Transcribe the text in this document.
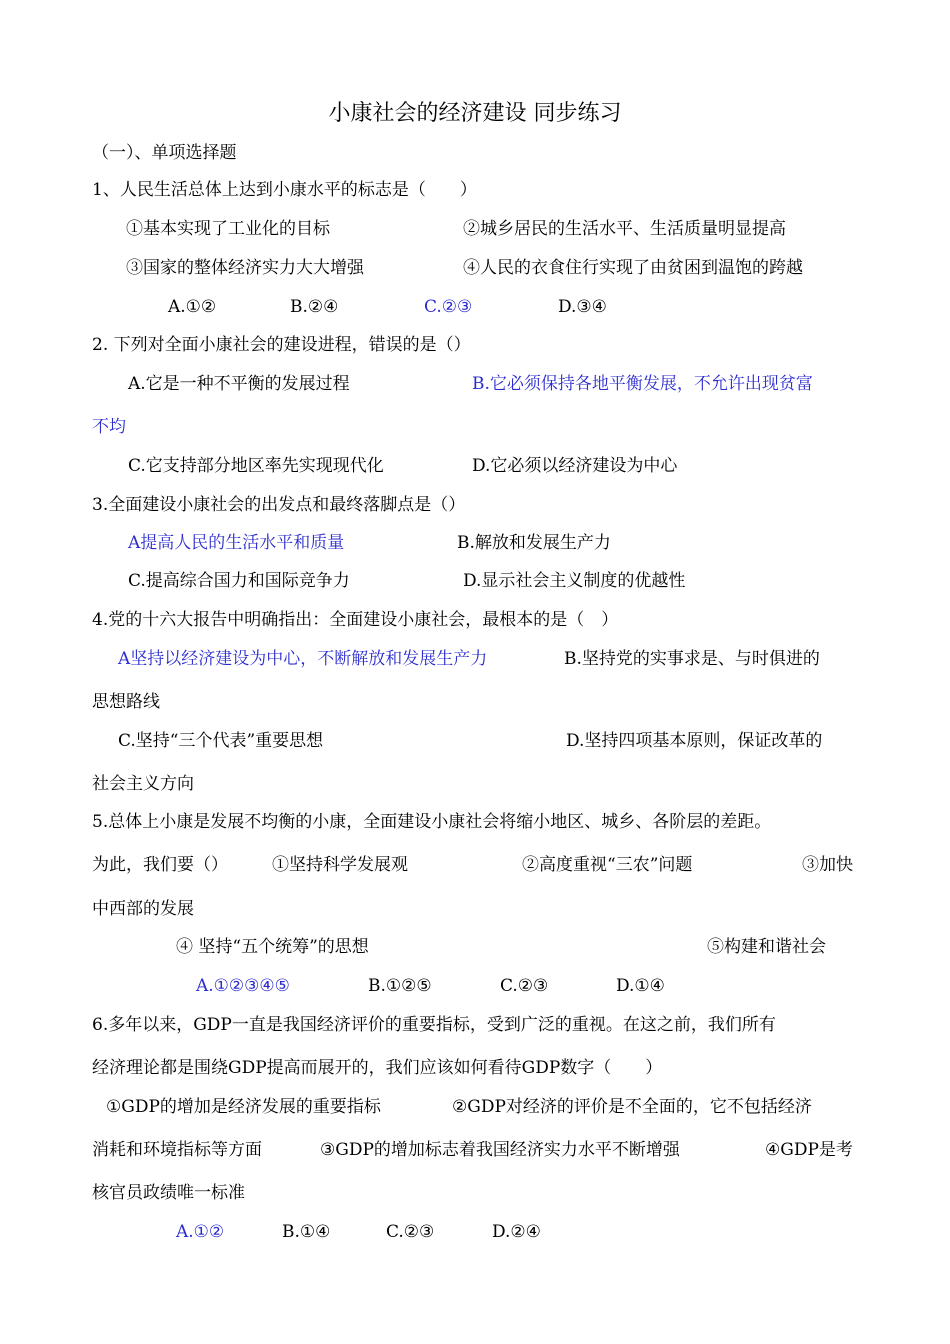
小康社会的经济建设 同步练习
（一）、单项选择题
1、人民生活总体上达到小康水平的标志是（　　）
①基本实现了工业化的目标	②城乡居民的生活水平、生活质量明显提高
③国家的整体经济实力大大增强	④人民的衣食住行实现了由贫困到温饱的跨越
A.①②	B.②④	C.②③	D.③④
2. 下列对全面小康社会的建设进程，错误的是（）
A.它是一种不平衡的发展过程	B.它必须保持各地平衡发展，不允许出现贫富
不均
C.它支持部分地区率先实现现代化	D.它必须以经济建设为中心
3.全面建设小康社会的出发点和最终落脚点是（）
A提高人民的生活水平和质量	B.解放和发展生产力
C.提高综合国力和国际竞争力	D.显示社会主义制度的优越性
4.党的十六大报告中明确指出：全面建设小康社会，最根本的是（　）
A坚持以经济建设为中心，不断解放和发展生产力	B.坚持党的实事求是、与时俱进的
思想路线
C.坚持“三个代表”重要思想	D.坚持四项基本原则，保证改革的
社会主义方向
5.总体上小康是发展不均衡的小康，全面建设小康社会将缩小地区、城乡、各阶层的差距。
为此，我们要（）	①坚持科学发展观	②高度重视“三农”问题	③加快
中西部的发展
④ 坚持“五个统筹”的思想	⑤构建和谐社会
A.①②③④⑤	B.①②⑤	C.②③	D.①④
6.多年以来，GDP一直是我国经济评价的重要指标，受到广泛的重视。在这之前，我们所有
经济理论都是围绕GDP提高而展开的，我们应该如何看待GDP数字（　　）
①GDP的增加是经济发展的重要指标	②GDP对经济的评价是不全面的，它不包括经济
消耗和环境指标等方面	③GDP的增加标志着我国经济实力水平不断增强	④GDP是考
核官员政绩唯一标准
A.①②	B.①④	C.②③	D.②④
